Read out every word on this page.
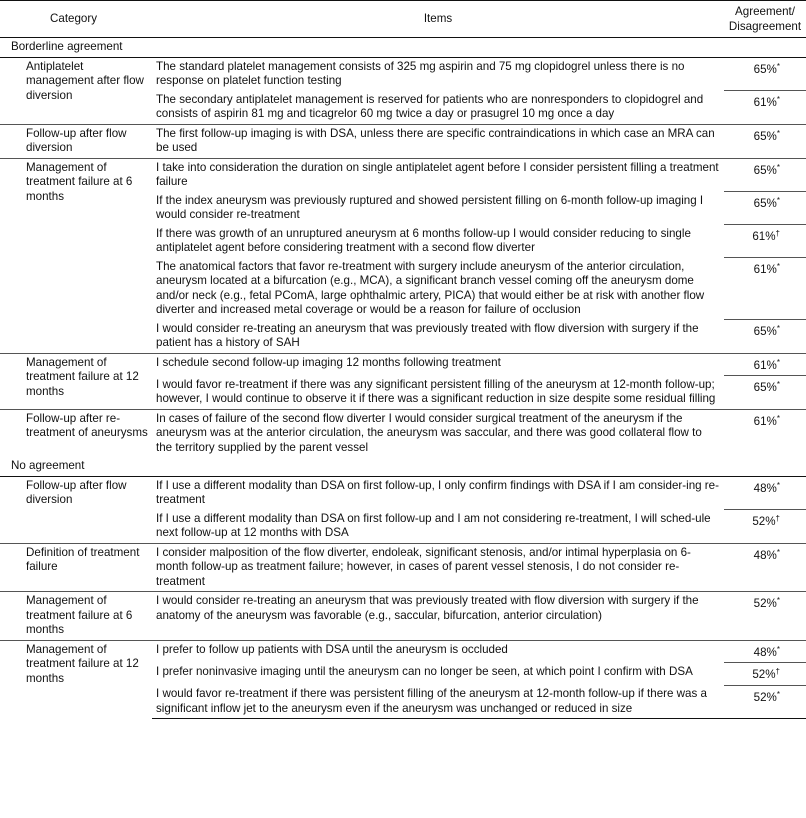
Category	Items	Agreement/ Disagreement
Borderline agreement		
Antiplatelet management after flow diversion	The standard platelet management consists of 325 mg aspirin and 75 mg clopidogrel unless there is no response on platelet function testing	65%*

	The secondary antiplatelet management is reserved for patients who are nonresponders to clopidogrel and consists of aspirin 81 mg and ticagrelor 60 mg twice a day or prasugrel 10 mg once a day	61%*
Follow-up after flow diversion	The first follow-up imaging is with DSA, unless there are specific contraindications in which case an MRA can be used	65%*
Management of treatment failure at 6 months	I take into consideration the duration on single antiplatelet agent before I consider persistent filling a treatment failure	65%*

	If the index aneurysm was previously ruptured and showed persistent filling on 6-month follow-up imaging I would consider re-treatment	65%*

	If there was growth of an unruptured aneurysm at 6 months follow-up I would consider reducing to single antiplatelet agent before considering treatment with a second flow diverter	61%†

	The anatomical factors that favor re-treatment with surgery include aneurysm of the anterior circulation, aneurysm located at a bifurcation (e.g., MCA), a significant branch vessel coming off the aneurysm dome and/or neck (e.g., fetal PComA, large ophthalmic artery, PICA) that would either be at risk with another flow diverter and increased metal coverage or would be a reason for failure of occlusion	61%*

	I would consider re-treating an aneurysm that was previously treated with flow diversion with surgery if the patient has a history of SAH	65%*
Management of treatment failure at 12 months	I schedule second follow-up imaging 12 months following treatment	61%*

	I would favor re-treatment if there was any significant persistent filling of the aneurysm at 12-month follow-up; however, I would continue to observe it if there was a significant reduction in size despite some residual filling	65%*
Follow-up after re-treatment of aneurysms	In cases of failure of the second flow diverter I would consider surgical treatment of the aneurysm if the aneurysm was at the anterior circulation, the aneurysm was saccular, and there was good collateral flow to the territory supplied by the parent vessel	61%*
No agreement		
Follow-up after flow diversion	If I use a different modality than DSA on first follow-up, I only confirm findings with DSA if I am consider-ing re-treatment	48%*

	If I use a different modality than DSA on first follow-up and I am not considering re-treatment, I will sched-ule next follow-up at 12 months with DSA	52%†
Definition of treatment failure	I consider malposition of the flow diverter, endoleak, significant stenosis, and/or intimal hyperplasia on 6-month follow-up as treatment failure; however, in cases of parent vessel stenosis, I do not consider re-treatment	48%*
Management of treatment failure at 6 months	I would consider re-treating an aneurysm that was previously treated with flow diversion with surgery if the anatomy of the aneurysm was favorable (e.g., saccular, bifurcation, anterior circulation)	52%*
Management of treatment failure at 12 months	I prefer to follow up patients with DSA until the aneurysm is occluded	48%*

	I prefer noninvasive imaging until the aneurysm can no longer be seen, at which point I confirm with DSA	52%†

	I would favor re-treatment if there was persistent filling of the aneurysm at 12-month follow-up if there was a significant inflow jet to the aneurysm even if the aneurysm was unchanged or reduced in size	52%*
